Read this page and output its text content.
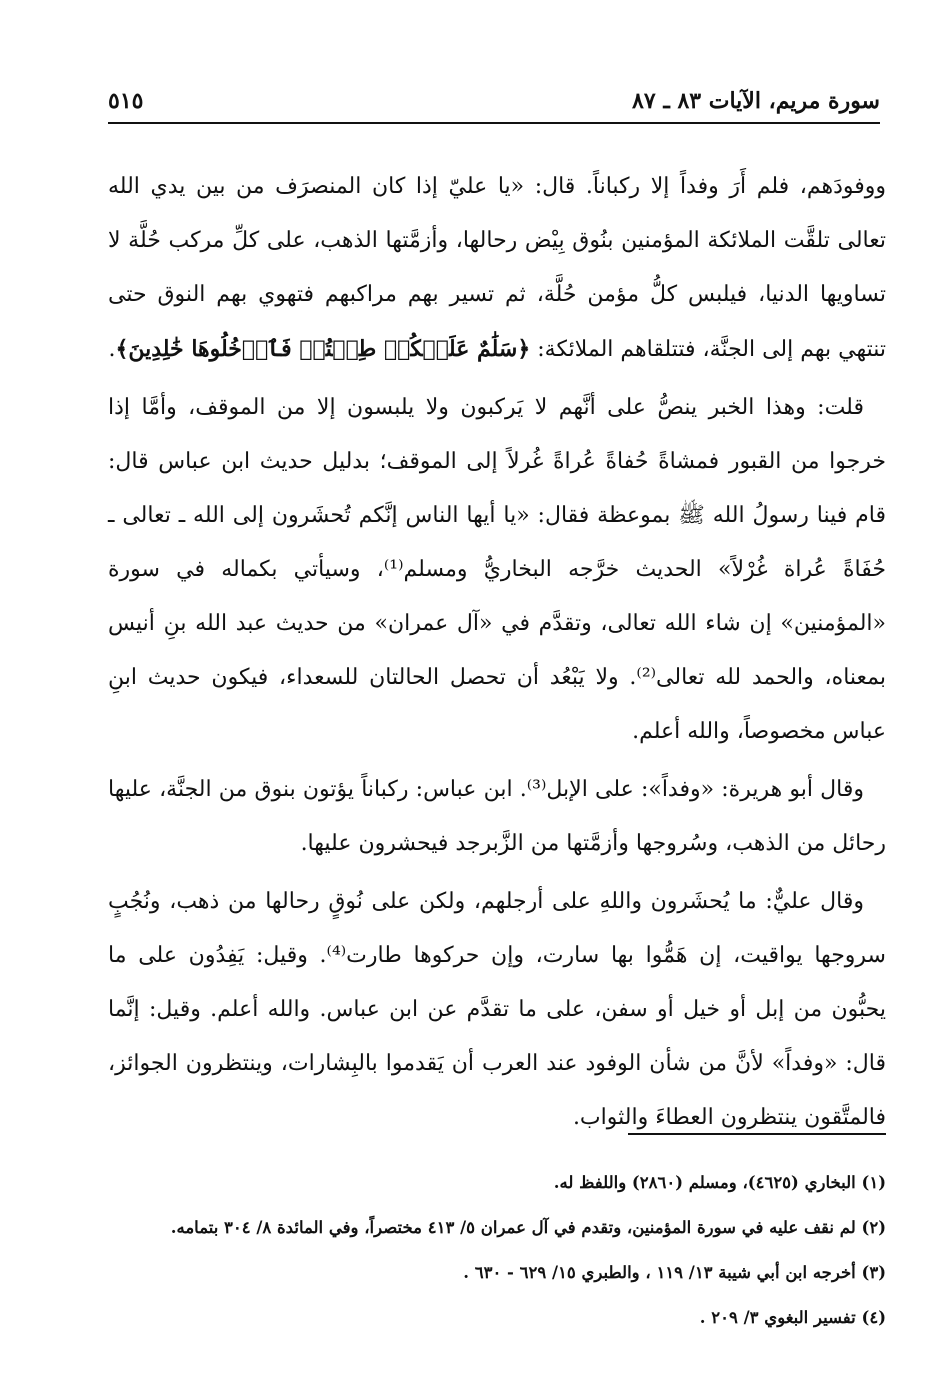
سورة مريم، الآيات ٨٣ ـ ٨٧
٥١٥

ووفودَهم، فلم أَرَ وفداً إلا ركباناً. قال: «يا عليّ إذا كان المنصرَف من بين يدي الله تعالى تلقَّت الملائكة المؤمنين بنُوق بِيْض رحالها، وأزمَّتها الذهب، على كلِّ مركب حُلَّة لا تساويها الدنيا، فيلبس كلُّ مؤمن حُلَّة، ثم تسير بهم مراكبهم فتهوي بهم النوق حتى تنتهي بهم إلى الجنَّة، فتتلقاهم الملائكة: ﴿سَلَٰمٌ عَلَيۡكُمۡ طِبۡتُمۡ فَٱدۡخُلُوهَا خَٰلِدِينَ﴾.

قلت: وهذا الخبر ينصُّ على أنَّهم لا يَركبون ولا يلبسون إلا من الموقف، وأمَّا إذا خرجوا من القبور فمشاةً حُفاةً عُراةً غُرلاً إلى الموقف؛ بدليل حديث ابن عباس قال: قام فينا رسولُ الله ﷺ بموعظة فقال: «يا أيها الناس إنَّكم تُحشَرون إلى الله ـ تعالى ـ حُفَاةً عُراة غُرْلاً» الحديث خرَّجه البخاريُّ ومسلم⁽¹⁾، وسيأتي بكماله في سورة «المؤمنين» إن شاء الله تعالى، وتقدَّم في «آل عمران» من حديث عبد الله بنِ أنيس بمعناه، والحمد لله تعالى⁽²⁾. ولا يَبْعُد أن تحصل الحالتان للسعداء، فيكون حديث ابنِ عباس مخصوصاً، والله أعلم.

وقال أبو هريرة: «وفداً»: على الإبل⁽³⁾. ابن عباس: ركباناً يؤتون بنوق من الجنَّة، عليها رحائل من الذهب، وسُروجها وأزمَّتها من الزَّبرجد فيحشرون عليها.

وقال عليٌّ: ما يُحشَرون واللهِ على أرجلهم، ولكن على نُوقٍ رحالها من ذهب، ونُجُبٍ سروجها يواقيت، إن هَمُّوا بها سارت، وإن حركوها طارت⁽⁴⁾. وقيل: يَفِدُون على ما يحبُّون من إبل أو خيل أو سفن، على ما تقدَّم عن ابن عباس. والله أعلم. وقيل: إنَّما قال: «وفداً» لأنَّ من شأن الوفود عند العرب أن يَقدموا بالبِشارات، وينتظرون الجوائز، فالمتَّقون ينتظرون العطاءَ والثواب.

(١) البخاري (٤٦٢٥)، ومسلم (٢٨٦٠) واللفظ له.

(٢) لم نقف عليه في سورة المؤمنين، وتقدم في آل عمران ٥/ ٤١٣ مختصراً، وفي المائدة ٨/ ٣٠٤ بتمامه.

(٣) أخرجه ابن أبي شيبة ١٣/ ١١٩ ، والطبري ١٥/ ٦٢٩ - ٦٣٠ .

(٤) تفسير البغوي ٣/ ٢٠٩ .
